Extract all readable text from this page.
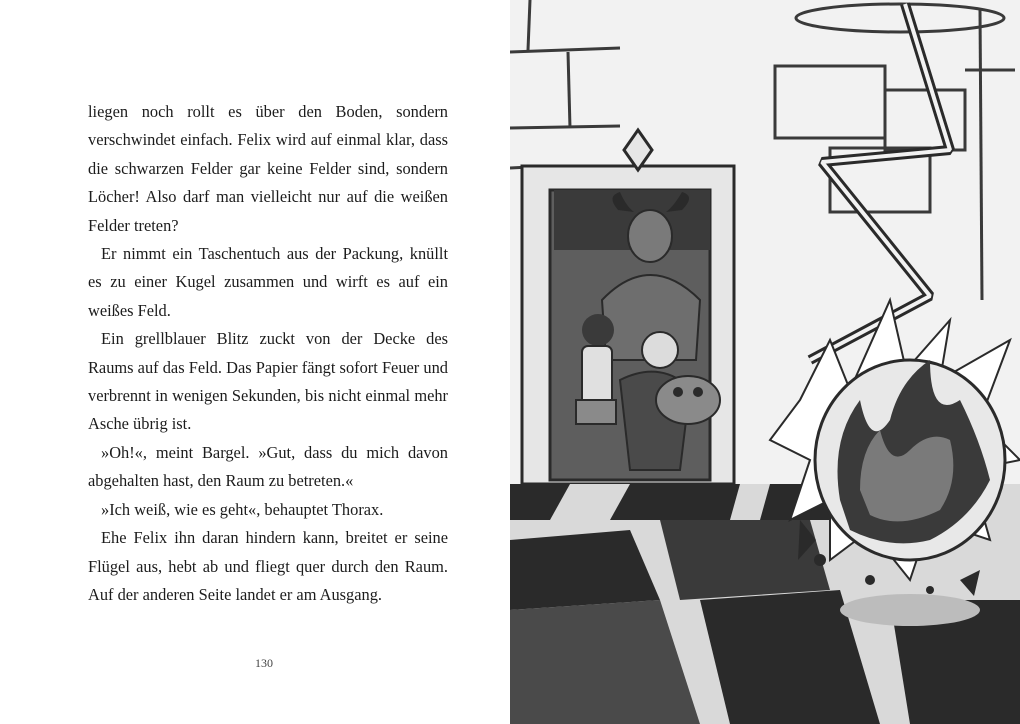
liegen noch rollt es über den Boden, sondern verschwindet einfach. Felix wird auf einmal klar, dass die schwarzen Felder gar keine Felder sind, sondern Löcher! Also darf man vielleicht nur auf die weißen Felder treten?

Er nimmt ein Taschentuch aus der Packung, knüllt es zu einer Kugel zusammen und wirft es auf ein weißes Feld.

Ein grellblauer Blitz zuckt von der Decke des Raums auf das Feld. Das Papier fängt sofort Feuer und verbrennt in wenigen Sekunden, bis nicht einmal mehr Asche übrig ist.

»Oh!«, meint Bargel. »Gut, dass du mich davon abgehalten hast, den Raum zu betreten.«

»Ich weiß, wie es geht«, behauptet Thorax.

Ehe Felix ihn daran hindern kann, breitet er seine Flügel aus, hebt ab und fliegt quer durch den Raum. Auf der anderen Seite landet er am Ausgang.

130
